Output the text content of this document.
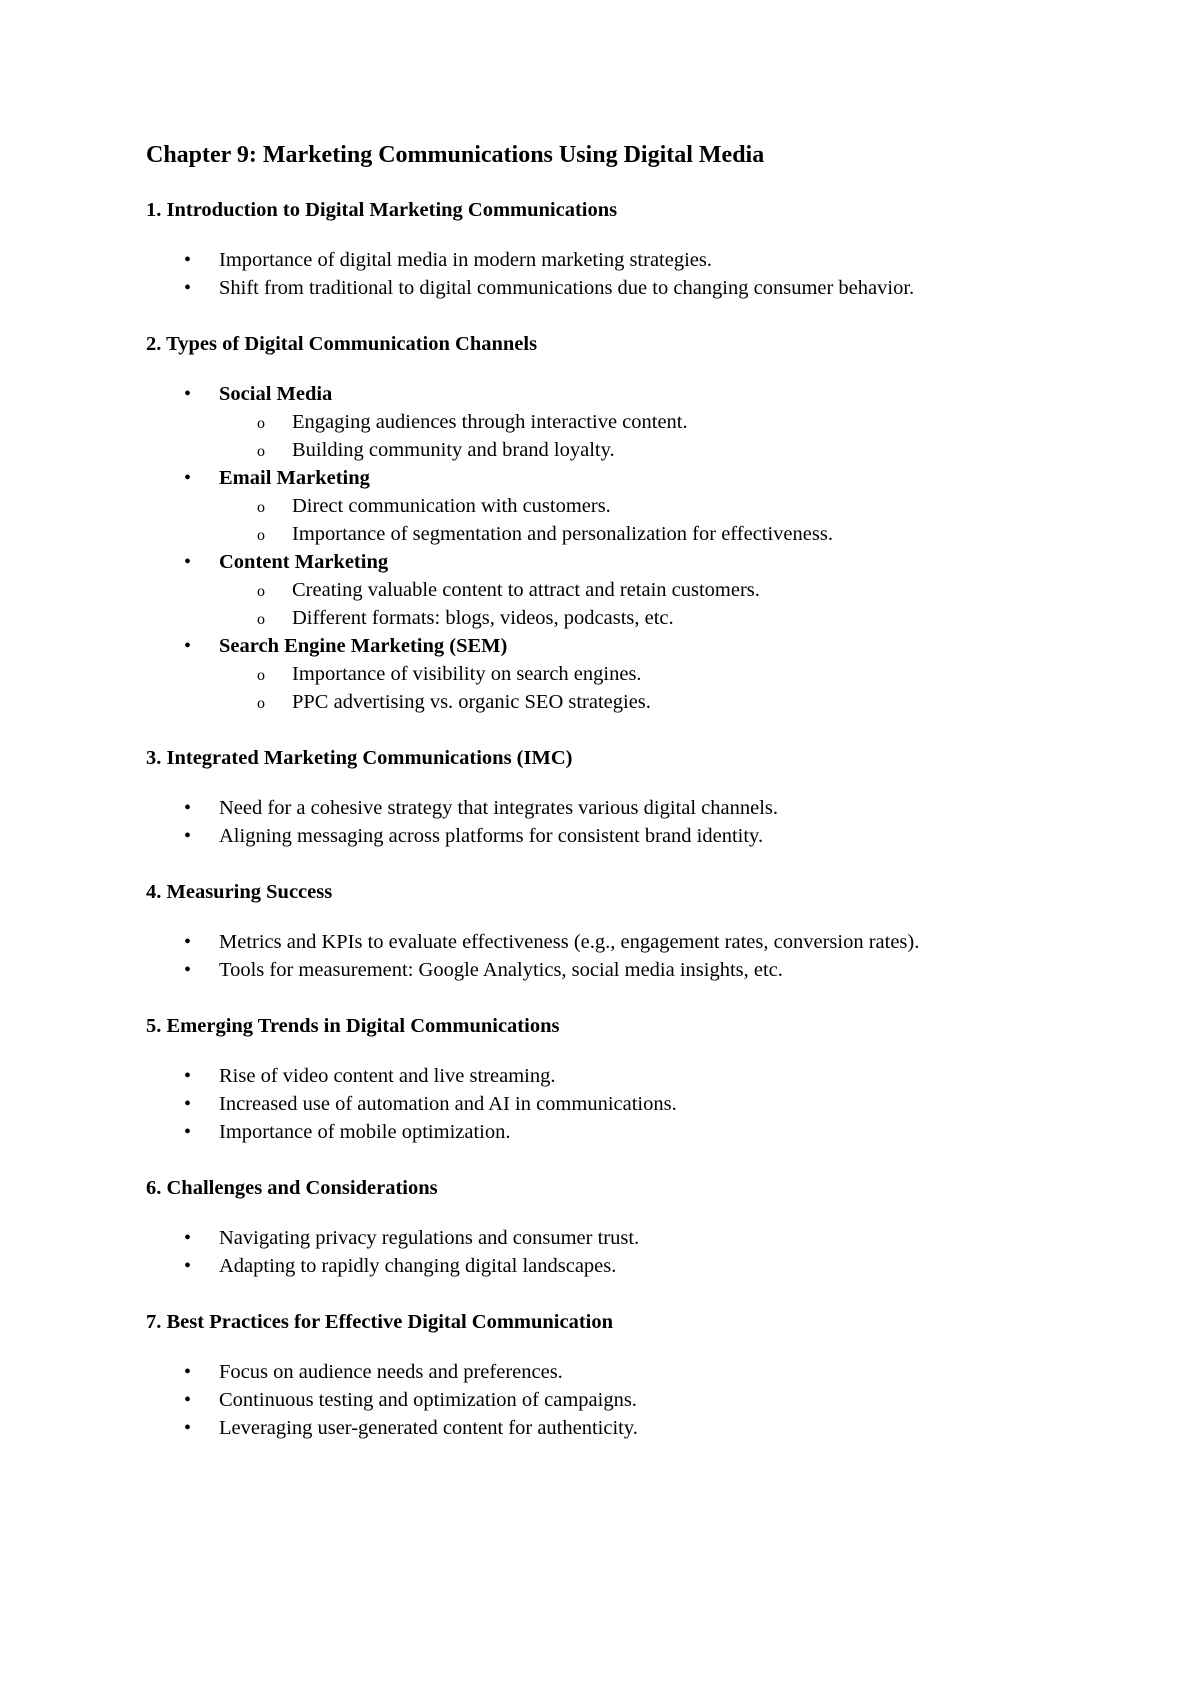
Chapter 9: Marketing Communications Using Digital Media
1. Introduction to Digital Marketing Communications
• Importance of digital media in modern marketing strategies.
• Shift from traditional to digital communications due to changing consumer behavior.
2. Types of Digital Communication Channels
• Social Media
o Engaging audiences through interactive content.
o Building community and brand loyalty.
• Email Marketing
o Direct communication with customers.
o Importance of segmentation and personalization for effectiveness.
• Content Marketing
o Creating valuable content to attract and retain customers.
o Different formats: blogs, videos, podcasts, etc.
• Search Engine Marketing (SEM)
o Importance of visibility on search engines.
o PPC advertising vs. organic SEO strategies.
3. Integrated Marketing Communications (IMC)
• Need for a cohesive strategy that integrates various digital channels.
• Aligning messaging across platforms for consistent brand identity.
4. Measuring Success
• Metrics and KPIs to evaluate effectiveness (e.g., engagement rates, conversion rates).
• Tools for measurement: Google Analytics, social media insights, etc.
5. Emerging Trends in Digital Communications
• Rise of video content and live streaming.
• Increased use of automation and AI in communications.
• Importance of mobile optimization.
6. Challenges and Considerations
• Navigating privacy regulations and consumer trust.
• Adapting to rapidly changing digital landscapes.
7. Best Practices for Effective Digital Communication
• Focus on audience needs and preferences.
• Continuous testing and optimization of campaigns.
• Leveraging user-generated content for authenticity.
